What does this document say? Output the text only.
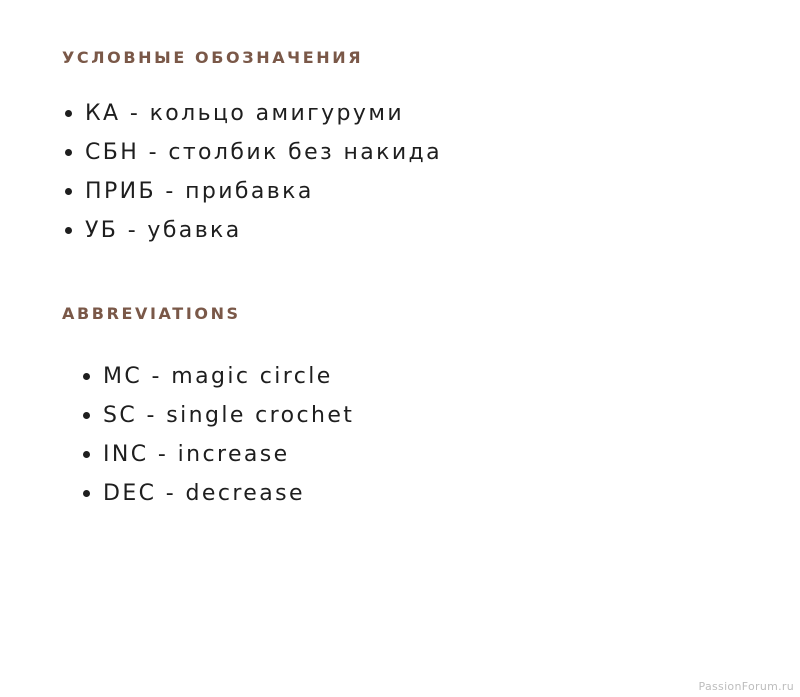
УСЛОВНЫЕ ОБОЗНАЧЕНИЯ
КА - кольцо амигуруми
СБН - столбик без накида
ПРИБ - прибавка
УБ - убавка
ABBREVIATIONS
MC - magic circle
SC - single crochet
INC - increase
DEC - decrease
PassionForum.ru
